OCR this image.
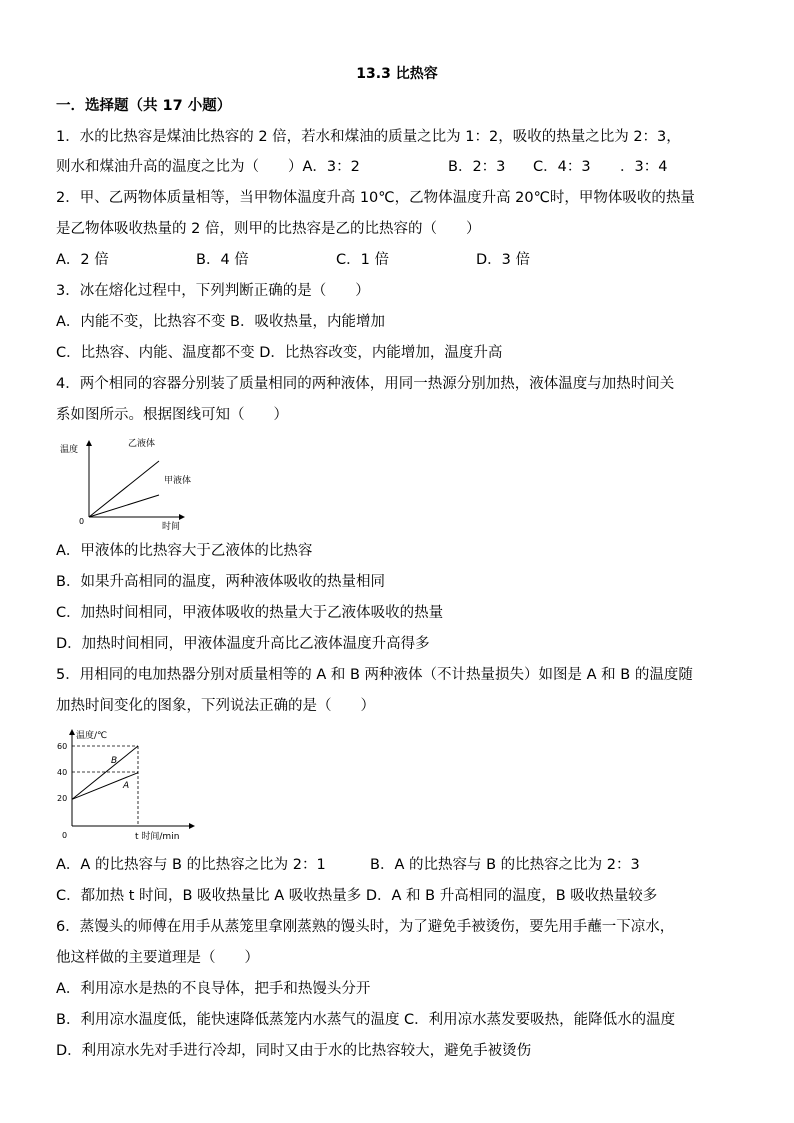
13.3 比热容
一．选择题（共 17 小题）
1．水的比热容是煤油比热容的 2 倍，若水和煤油的质量之比为 1：2，吸收的热量之比为 2：3，
则水和煤油升高的温度之比为（　　）A．3：2	B．2：3 C．4：3 ．3：4
2．甲、乙两物体质量相等，当甲物体温度升高 10℃，乙物体温度升高 20℃时，甲物体吸收的热量
是乙物体吸收热量的 2 倍，则甲的比热容是乙的比热容的（　　）
A．2 倍	B．4 倍	C．1 倍	D．3 倍
3．冰在熔化过程中，下列判断正确的是（　　）
A．内能不变，比热容不变 B．吸收热量，内能增加
C．比热容、内能、温度都不变 D．比热容改变，内能增加，温度升高
4．两个相同的容器分别装了质量相同的两种液体，用同一热源分别加热，液体温度与加热时间关
系如图所示。根据图线可知（　　）
温度
时间
0
乙液体
甲液体
A．甲液体的比热容大于乙液体的比热容
B．如果升高相同的温度，两种液体吸收的热量相同
C．加热时间相同，甲液体吸收的热量大于乙液体吸收的热量
D．加热时间相同，甲液体温度升高比乙液体温度升高得多
5．用相同的电加热器分别对质量相等的 A 和 B 两种液体（不计热量损失）如图是 A 和 B 的温度随
加热时间变化的图象，下列说法正确的是（　　）
温度/℃
60
40
20
0	t 时间/min
B
A
A．A 的比热容与 B 的比热容之比为 2：1	B．A 的比热容与 B 的比热容之比为 2：3
C．都加热 t 时间，B 吸收热量比 A 吸收热量多 D．A 和 B 升高相同的温度，B 吸收热量较多
6．蒸馒头的师傅在用手从蒸笼里拿刚蒸熟的馒头时，为了避免手被烫伤，要先用手蘸一下凉水，
他这样做的主要道理是（　　）
A．利用凉水是热的不良导体，把手和热馒头分开
B．利用凉水温度低，能快速降低蒸笼内水蒸气的温度 C．利用凉水蒸发要吸热，能降低水的温度
D．利用凉水先对手进行冷却，同时又由于水的比热容较大，避免手被烫伤
